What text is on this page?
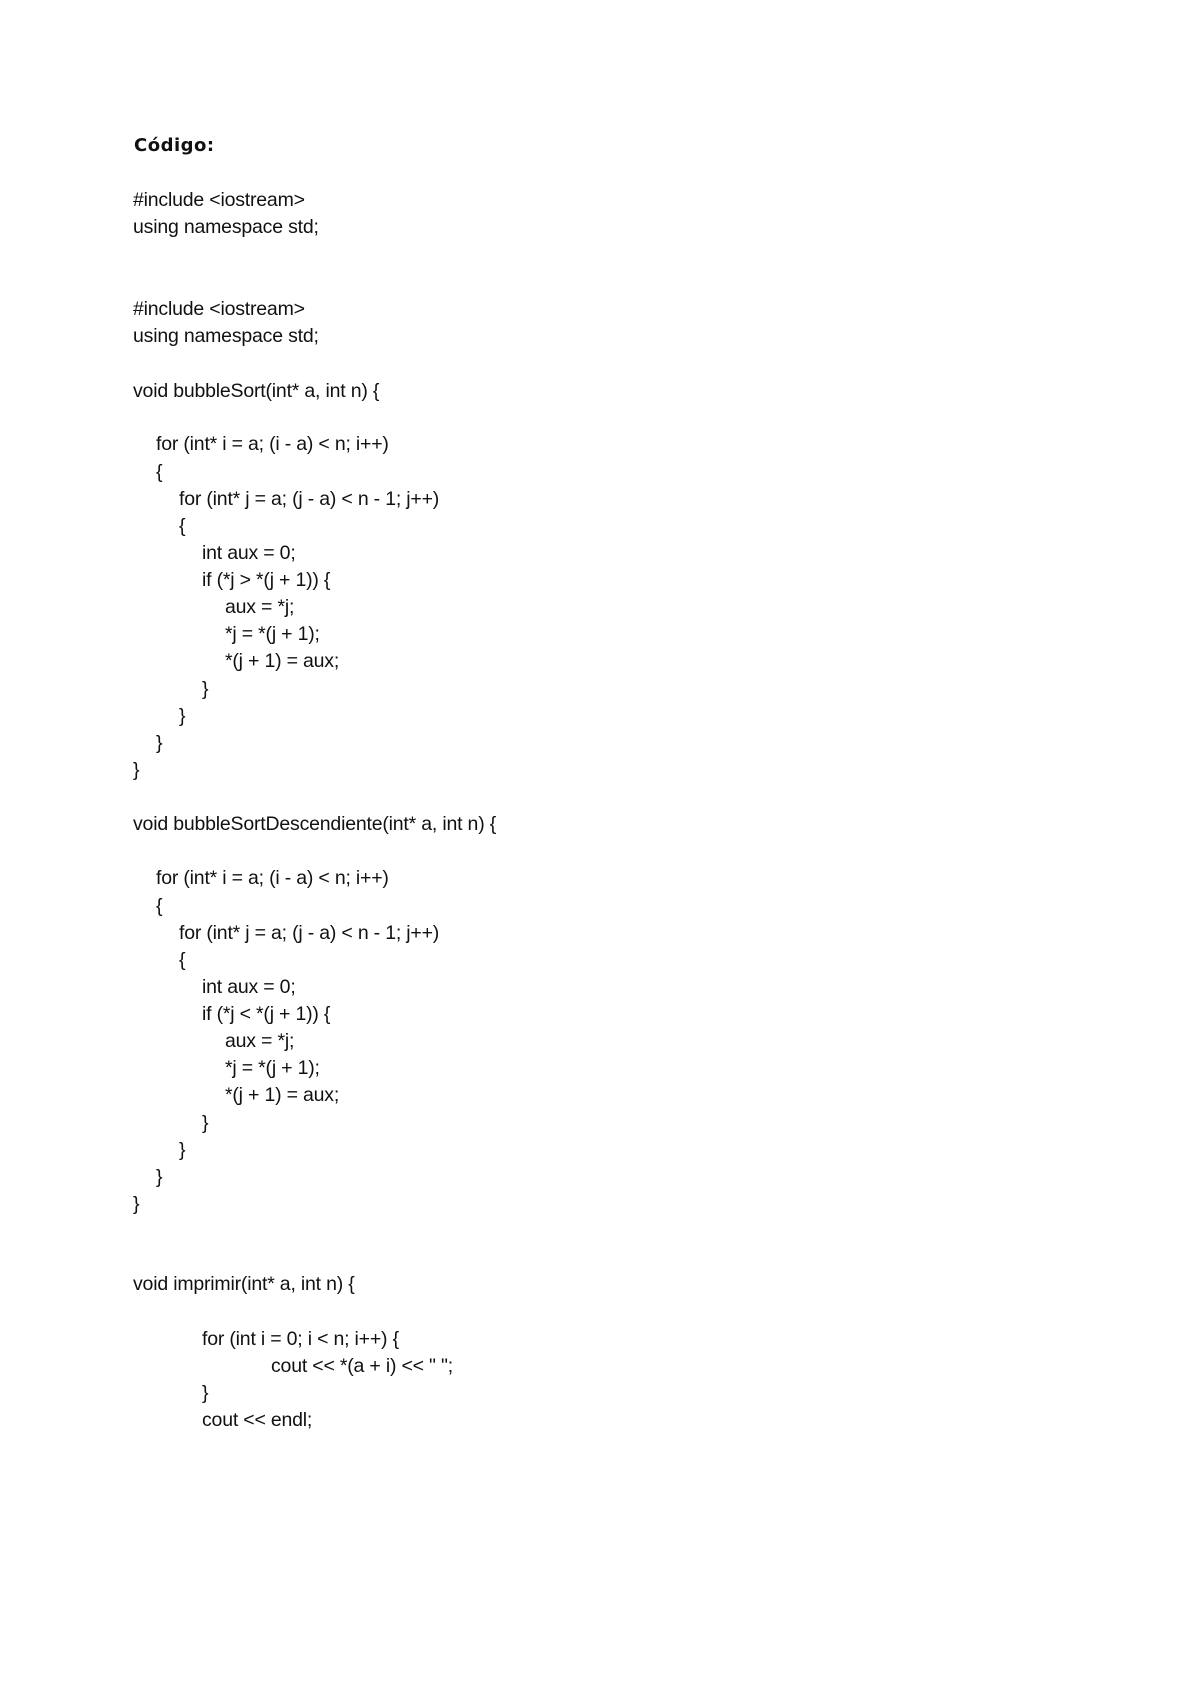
Código:
#include <iostream>
using namespace std;
#include <iostream>
using namespace std;
void bubbleSort(int* a, int n) {
for (int* i = a; (i - a) < n; i++)
{
for (int* j = a; (j - a) < n - 1; j++)
{
int aux = 0;
if (*j > *(j + 1)) {
aux = *j;
*j = *(j + 1);
*(j + 1) = aux;
}
}
}
}
void bubbleSortDescendiente(int* a, int n) {
for (int* i = a; (i - a) < n; i++)
{
for (int* j = a; (j - a) < n - 1; j++)
{
int aux = 0;
if (*j < *(j + 1)) {
aux = *j;
*j = *(j + 1);
*(j + 1) = aux;
}
}
}
}
void imprimir(int* a, int n) {
for (int i = 0; i < n; i++) {
cout << *(a + i) << " ";
}
cout << endl;
